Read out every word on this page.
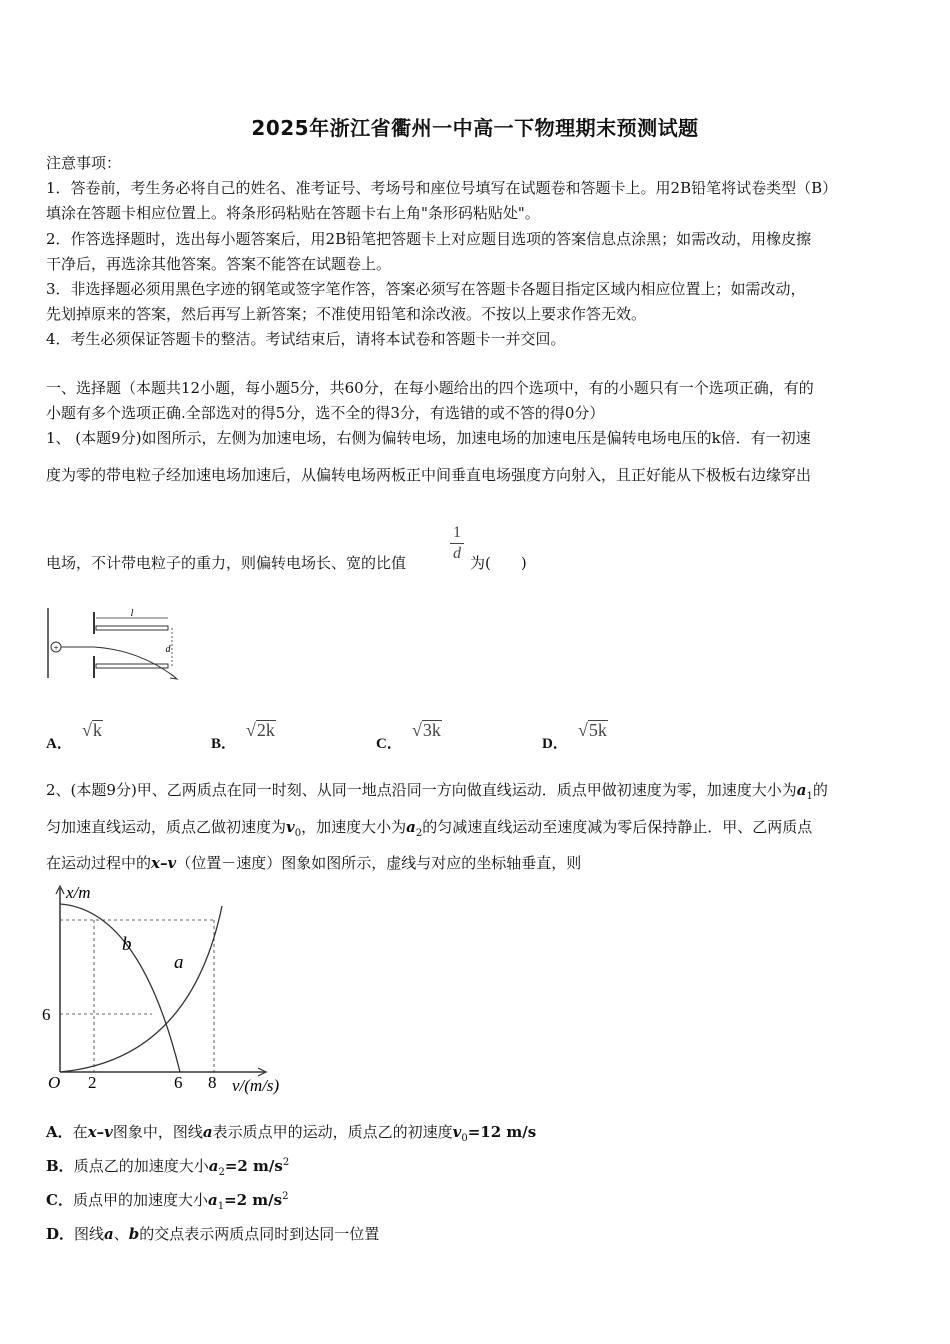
2025年浙江省衢州一中高一下物理期末预测试题
注意事项：
1．答卷前，考生务必将自己的姓名、准考证号、考场号和座位号填写在试题卷和答题卡上。用2B铅笔将试卷类型（B）
填涂在答题卡相应位置上。将条形码粘贴在答题卡右上角"条形码粘贴处"。
2．作答选择题时，选出每小题答案后，用2B铅笔把答题卡上对应题目选项的答案信息点涂黑；如需改动，用橡皮擦
干净后，再选涂其他答案。答案不能答在试题卷上。
3．非选择题必须用黑色字迹的钢笔或签字笔作答，答案必须写在答题卡各题目指定区域内相应位置上；如需改动，
先划掉原来的答案，然后再写上新答案；不准使用铅笔和涂改液。不按以上要求作答无效。
4．考生必须保证答题卡的整洁。考试结束后，请将本试卷和答题卡一并交回。
一、选择题（本题共12小题，每小题5分，共60分，在每小题给出的四个选项中，有的小题只有一个选项正确，有的
小题有多个选项正确.全部选对的得5分，选不全的得3分，有选错的或不答的得0分）
1、 (本题9分)如图所示，左侧为加速电场，右侧为偏转电场，加速电场的加速电压是偏转电场电压的k倍．有一初速
度为零的带电粒子经加速电场加速后，从偏转电场两板正中间垂直电场强度方向射入，且正好能从下极板右边缘穿出
电场，不计带电粒子的重力，则偏转电场长、宽的比值
1
d
为(　　)
+
l
d
A．
√k
B．
√2k
C．
√3k
D．
√5k
2、(本题9分)甲、乙两质点在同一时刻、从同一地点沿同一方向做直线运动．质点甲做初速度为零，加速度大小为$a_1$的
匀加速直线运动，质点乙做初速度为$v_0$，加速度大小为$a_2$的匀减速直线运动至速度减为零后保持静止．甲、乙两质点
在运动过程中的x–v（位置－速度）图象如图所示，虚线与对应的坐标轴垂直，则
x/m
v/(m/s)
O
6
2	6 8
b
a
A．在x–v图象中，图线a表示质点甲的运动，质点乙的初速度$v_0=12$ m/s
B．质点乙的加速度大小$a_2=2$ $m/s^2$
C．质点甲的加速度大小$a_1=2$ $m/s^2$
D．图线a、b的交点表示两质点同时到达同一位置
